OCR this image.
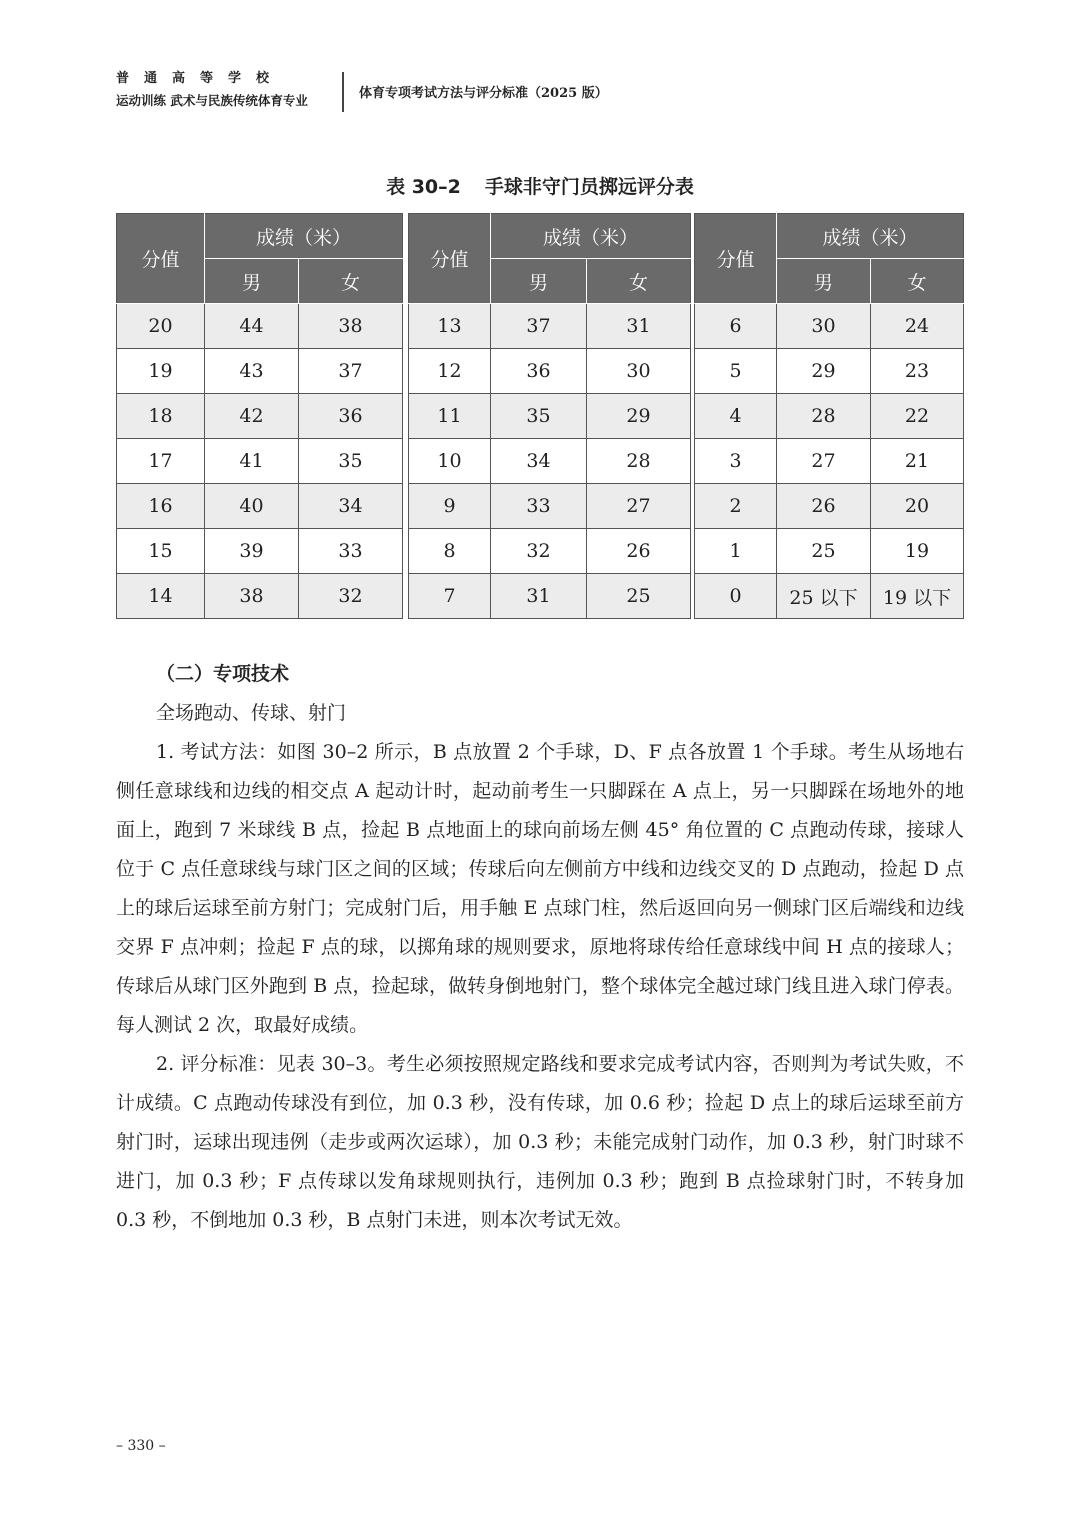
普通高等学校
运动训练 武术与民族传统体育专业	体育专项考试方法与评分标准（2025 版）
表 30–2 手球非守门员掷远评分表
分值	成绩（米）	
	男	女
20	44	38
19	43	37
18	42	36
17	41	35
16	40	34
15	39	33
14	38	32
分值	成绩（米）	
	男	女
13	37	31
12	36	30
11	35	29
10	34	28
9	33	27
8	32	26
7	31	25
分值	成绩（米）	
	男	女
6	30	24
5	29	23
4	28	22
3	27	21
2	26	20
1	25	19
0	25 以下	19 以下

（二）专项技术

全场跑动、传球、射门

1. 考试方法：如图 30–2 所示，B 点放置 2 个手球，D、F 点各放置 1 个手球。考生从场地右侧任意球线和边线的相交点 A 起动计时，起动前考生一只脚踩在 A 点上，另一只脚踩在场地外的地面上，跑到 7 米球线 B 点，捡起 B 点地面上的球向前场左侧 45° 角位置的 C 点跑动传球，接球人位于 C 点任意球线与球门区之间的区域；传球后向左侧前方中线和边线交叉的 D 点跑动，捡起 D 点上的球后运球至前方射门；完成射门后，用手触 E 点球门柱，然后返回向另一侧球门区后端线和边线交界 F 点冲刺；捡起 F 点的球，以掷角球的规则要求，原地将球传给任意球线中间 H 点的接球人；传球后从球门区外跑到 B 点，捡起球，做转身倒地射门，整个球体完全越过球门线且进入球门停表。每人测试 2 次，取最好成绩。

2. 评分标准：见表 30–3。考生必须按照规定路线和要求完成考试内容，否则判为考试失败，不计成绩。C 点跑动传球没有到位，加 0.3 秒，没有传球，加 0.6 秒；捡起 D 点上的球后运球至前方射门时，运球出现违例（走步或两次运球），加 0.3 秒；未能完成射门动作，加 0.3 秒，射门时球不进门，加 0.3 秒；F 点传球以发角球规则执行，违例加 0.3 秒；跑到 B 点捡球射门时，不转身加 0.3 秒，不倒地加 0.3 秒，B 点射门未进，则本次考试无效。

– 330 –
